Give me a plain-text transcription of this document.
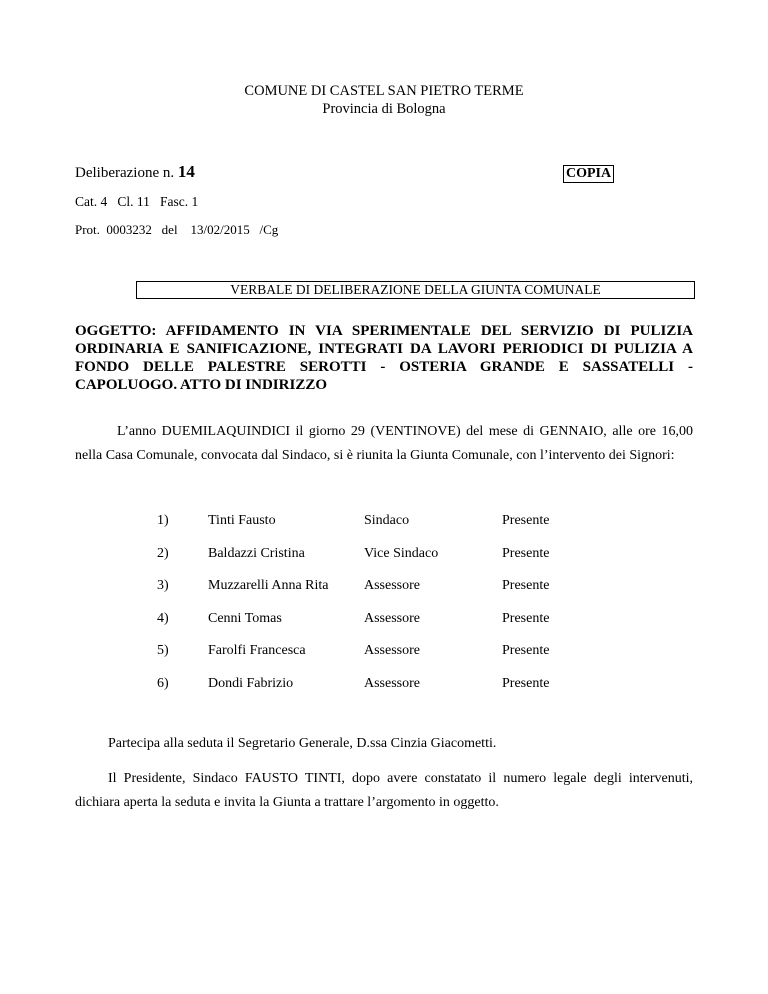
COMUNE DI CASTEL SAN PIETRO TERME
Provincia di Bologna
Deliberazione n. 14	COPIA
Cat. 4   Cl. 11   Fasc. 1
Prot.  0003232   del    13/02/2015   /Cg
VERBALE DI DELIBERAZIONE DELLA GIUNTA COMUNALE
OGGETTO: AFFIDAMENTO IN VIA SPERIMENTALE DEL SERVIZIO DI PULIZIA ORDINARIA E SANIFICAZIONE, INTEGRATI DA LAVORI PERIODICI DI PULIZIA A FONDO DELLE PALESTRE SEROTTI - OSTERIA GRANDE E SASSATELLI - CAPOLUOGO. ATTO DI INDIRIZZO
L’anno DUEMILAQUINDICI il giorno 29 (VENTINOVE) del mese di GENNAIO, alle ore 16,00 nella Casa Comunale, convocata dal Sindaco, si è riunita la Giunta Comunale, con l’intervento dei Signori:
1)	Tinti Fausto	Sindaco	Presente
2)	Baldazzi Cristina	Vice Sindaco	Presente
3)	Muzzarelli Anna Rita	Assessore	Presente
4)	Cenni Tomas	Assessore	Presente
5)	Farolfi Francesca	Assessore	Presente
6)	Dondi Fabrizio	Assessore	Presente
Partecipa alla seduta il Segretario Generale, D.ssa Cinzia Giacometti.
Il Presidente, Sindaco FAUSTO TINTI, dopo avere constatato il numero legale degli intervenuti, dichiara aperta la seduta e invita la Giunta a trattare l’argomento in oggetto.
